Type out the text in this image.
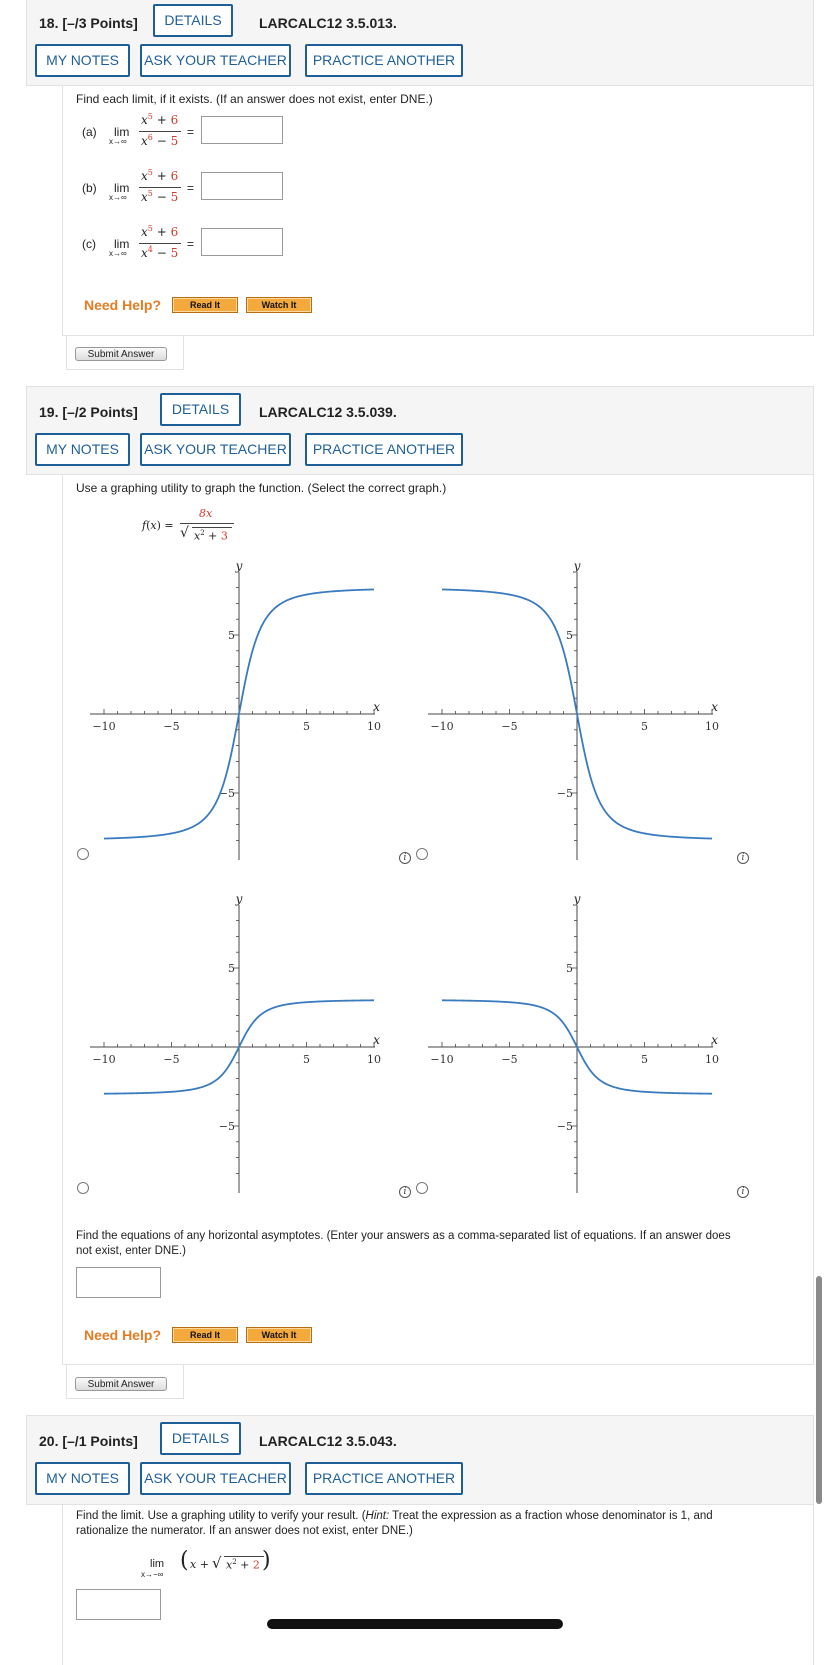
18. [–/3 Points]	DETAILS	LARCALC12 3.5.013.
MY NOTES	ASK YOUR TEACHER	PRACTICE ANOTHER
Find each limit, if it exists. (If an answer does not exist, enter DNE.)
(a) lim
x→∞
$x^5 + 6$
$x^6 - 5$
=
(b) lim
x→∞
$x^5 + 6$
$x^5 - 5$
=
(c) lim
x→∞
$x^5 + 6$
$x^4 - 5$
=
Need Help?	Read It	Watch It
Submit Answer
19. [–/2 Points]	DETAILS	LARCALC12 3.5.039.
MY NOTES	ASK YOUR TEACHER	PRACTICE ANOTHER
Use a graphing utility to graph the function. (Select the correct graph.)
f(x) =
8x
√ $x^2 + 3$
−10	−5	5	10
5
−5
x
y
−10	−5	5	10
5
−5
x
y
−10	−5	5	10
5
−5
x
y
−10	−5	5	10
5
−5
x
y
i	i
i	i
Find the equations of any horizontal asymptotes. (Enter your answers as a comma-separated list of equations. If an answer does
not exist, enter DNE.)
Need Help?	Read It	Watch It
Submit Answer
20. [–/1 Points]	DETAILS	LARCALC12 3.5.043.
MY NOTES	ASK YOUR TEACHER	PRACTICE ANOTHER
Find the limit. Use a graphing utility to verify your result. (Hint: Treat the expression as a fraction whose denominator is 1, and
rationalize the numerator. If an answer does not exist, enter DNE.)
lim
x→−∞
( x + √ $x^2 + 2$ )
